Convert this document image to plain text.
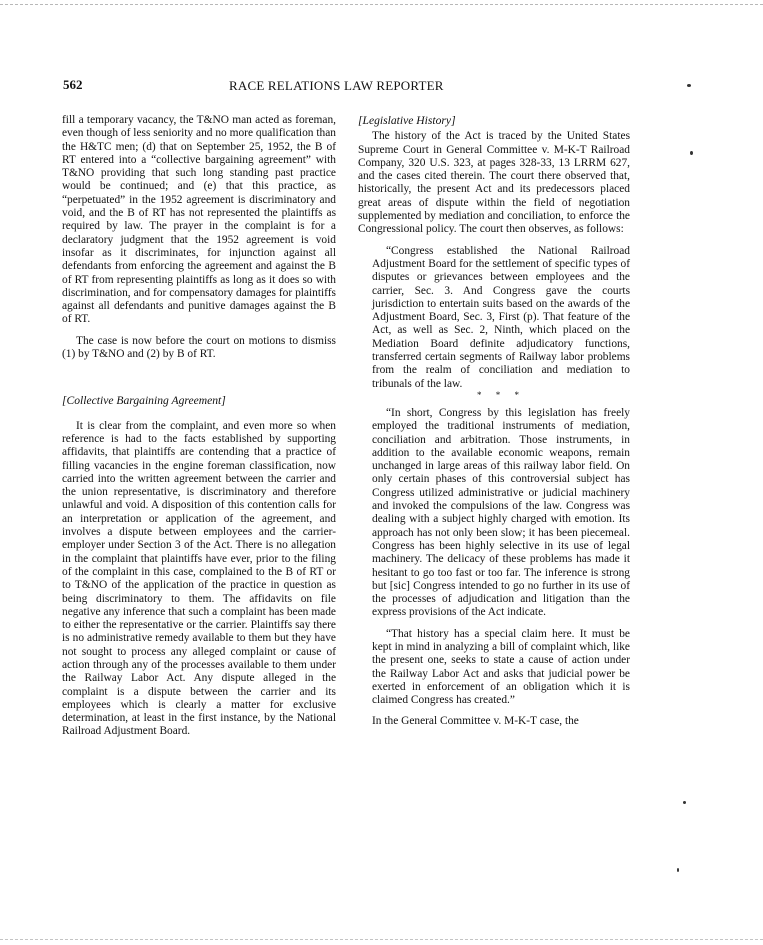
562	RACE RELATIONS LAW REPORTER

fill a temporary vacancy, the T&NO man acted as foreman, even though of less seniority and no more qualification than the H&TC men; (d) that on September 25, 1952, the B of RT entered into a “collective bargaining agreement” with T&NO providing that such long standing past practice would be continued; and (e) that this practice, as “perpetuated” in the 1952 agreement is discriminatory and void, and the B of RT has not represented the plaintiffs as required by law. The prayer in the complaint is for a declaratory judgment that the 1952 agreement is void insofar as it discriminates, for injunction against all defendants from enforcing the agreement and against the B of RT from representing plaintiffs as long as it does so with discrimination, and for compensatory damages for plaintiffs against all defendants and punitive damages against the B of RT.

The case is now before the court on motions to dismiss (1) by T&NO and (2) by B of RT.

[Collective Bargaining Agreement]

It is clear from the complaint, and even more so when reference is had to the facts established by supporting affidavits, that plaintiffs are contending that a practice of filling vacancies in the engine foreman classification, now carried into the written agreement between the carrier and the union representative, is discriminatory and therefore unlawful and void. A disposition of this contention calls for an interpretation or application of the agreement, and involves a dispute between employees and the carrier-employer under Section 3 of the Act. There is no allegation in the complaint that plaintiffs have ever, prior to the filing of the complaint in this case, complained to the B of RT or to T&NO of the application of the practice in question as being discriminatory to them. The affidavits on file negative any inference that such a complaint has been made to either the representative or the carrier. Plaintiffs say there is no administrative remedy available to them but they have not sought to process any alleged complaint or cause of action through any of the processes available to them under the Railway Labor Act. Any dispute alleged in the complaint is a dispute between the carrier and its employees which is clearly a matter for exclusive determination, at least in the first instance, by the National Railroad Adjustment Board.

[Legislative History]

The history of the Act is traced by the United States Supreme Court in General Committee v. M-K-T Railroad Company, 320 U.S. 323, at pages 328-33, 13 LRRM 627, and the cases cited therein. The court there observed that, historically, the present Act and its predecessors placed great areas of dispute within the field of negotiation supplemented by mediation and conciliation, to enforce the Congressional policy. The court then observes, as follows:

“Congress established the National Railroad Adjustment Board for the settlement of specific types of disputes or grievances between employees and the carrier, Sec. 3. And Congress gave the courts jurisdiction to entertain suits based on the awards of the Adjustment Board, Sec. 3, First (p). That feature of the Act, as well as Sec. 2, Ninth, which placed on the Mediation Board definite adjudicatory functions, transferred certain segments of Railway labor problems from the realm of conciliation and mediation to tribunals of the law.

* * *

“In short, Congress by this legislation has freely employed the traditional instruments of mediation, conciliation and arbitration. Those instruments, in addition to the available economic weapons, remain unchanged in large areas of this railway labor field. On only certain phases of this controversial subject has Congress utilized administrative or judicial machinery and invoked the compulsions of the law. Congress was dealing with a subject highly charged with emotion. Its approach has not only been slow; it has been piecemeal. Congress has been highly selective in its use of legal machinery. The delicacy of these problems has made it hesitant to go too fast or too far. The inference is strong but [sic] Congress intended to go no further in its use of the processes of adjudication and litigation than the express provisions of the Act indicate.

“That history has a special claim here. It must be kept in mind in analyzing a bill of complaint which, like the present one, seeks to state a cause of action under the Railway Labor Act and asks that judicial power be exerted in enforcement of an obligation which it is claimed Congress has created.”

In the General Committee v. M-K-T case, the
